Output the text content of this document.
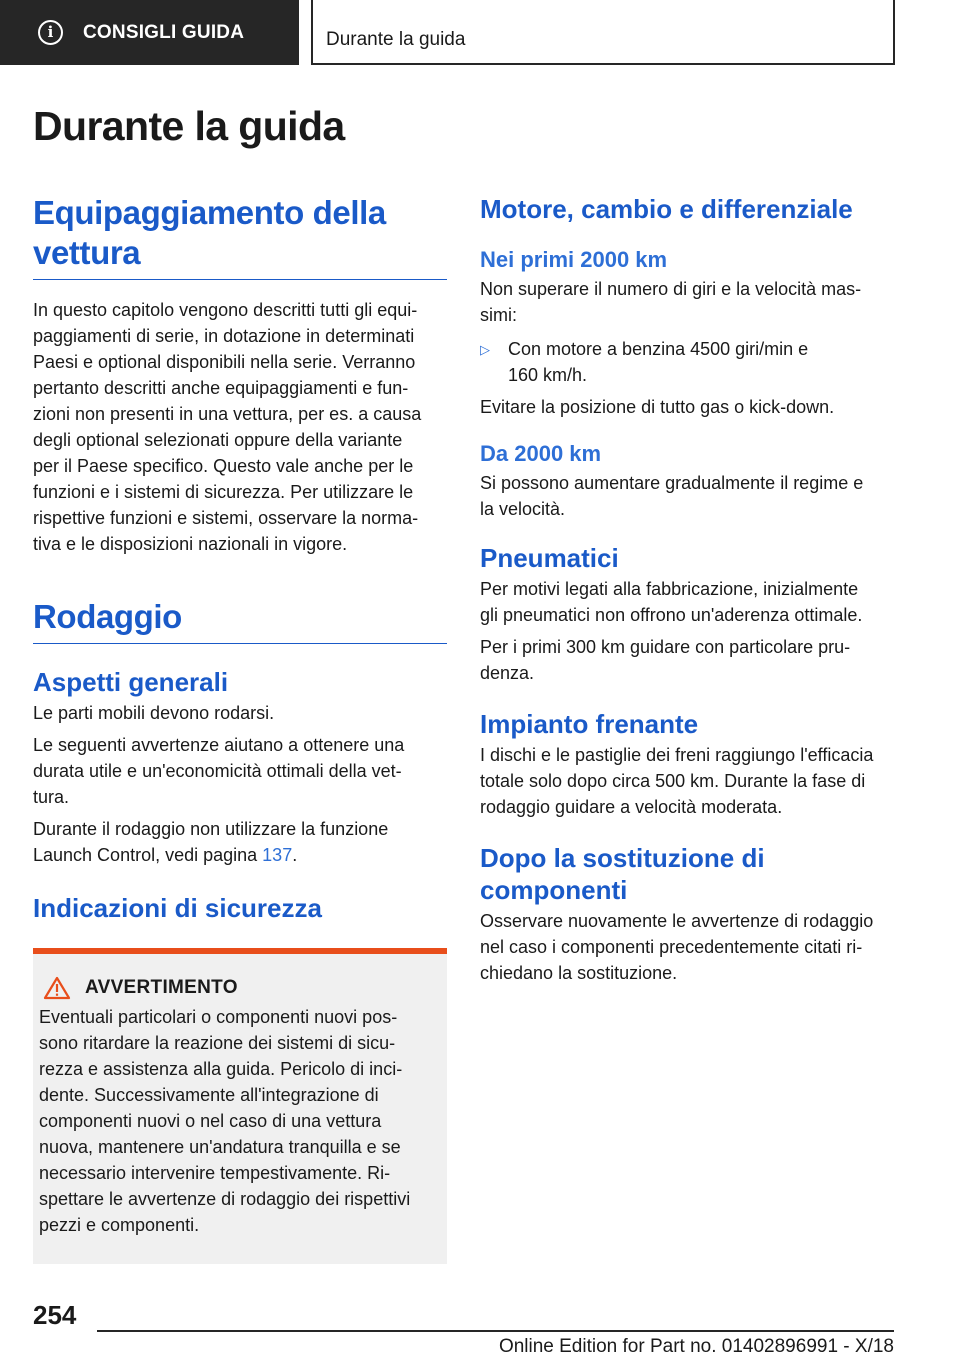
i	CONSIGLI GUIDA	Durante la guida
Durante la guida
Equipaggiamento della vettura
In questo capitolo vengono descritti tutti gli equi‐
paggiamenti di serie, in dotazione in determinati
Paesi e optional disponibili nella serie. Verranno
pertanto descritti anche equipaggiamenti e fun‐
zioni non presenti in una vettura, per es. a causa
degli optional selezionati oppure della variante
per il Paese specifico. Questo vale anche per le
funzioni e i sistemi di sicurezza. Per utilizzare le
rispettive funzioni e sistemi, osservare la norma‐
tiva e le disposizioni nazionali in vigore.
Rodaggio
Aspetti generali
Le parti mobili devono rodarsi.
Le seguenti avvertenze aiutano a ottenere una
durata utile e un'economicità ottimali della vet‐
tura.
Durante il rodaggio non utilizzare la funzione
Launch Control, vedi pagina 137.
Indicazioni di sicurezza
AVVERTIMENTO
Eventuali particolari o componenti nuovi pos‐
sono ritardare la reazione dei sistemi di sicu‐
rezza e assistenza alla guida. Pericolo di inci‐
dente. Successivamente all'integrazione di
componenti nuovi o nel caso di una vettura
nuova, mantenere un'andatura tranquilla e se
necessario intervenire tempestivamente. Ri‐
spettare le avvertenze di rodaggio dei rispettivi
pezzi e componenti.
Motore, cambio e differenziale
Nei primi 2000 km
Non superare il numero di giri e la velocità mas‐
simi:
▷	Con motore a benzina 4500 giri/min e
160 km/h.
Evitare la posizione di tutto gas o kick-down.
Da 2000 km
Si possono aumentare gradualmente il regime e
la velocità.
Pneumatici
Per motivi legati alla fabbricazione, inizialmente
gli pneumatici non offrono un'aderenza ottimale.
Per i primi 300 km guidare con particolare pru‐
denza.
Impianto frenante
I dischi e le pastiglie dei freni raggiungo l'efficacia
totale solo dopo circa 500 km. Durante la fase di
rodaggio guidare a velocità moderata.
Dopo la sostituzione di
componenti
Osservare nuovamente le avvertenze di rodaggio
nel caso i componenti precedentemente citati ri‐
chiedano la sostituzione.
254
Online Edition for Part no. 01402896991 - X/18
